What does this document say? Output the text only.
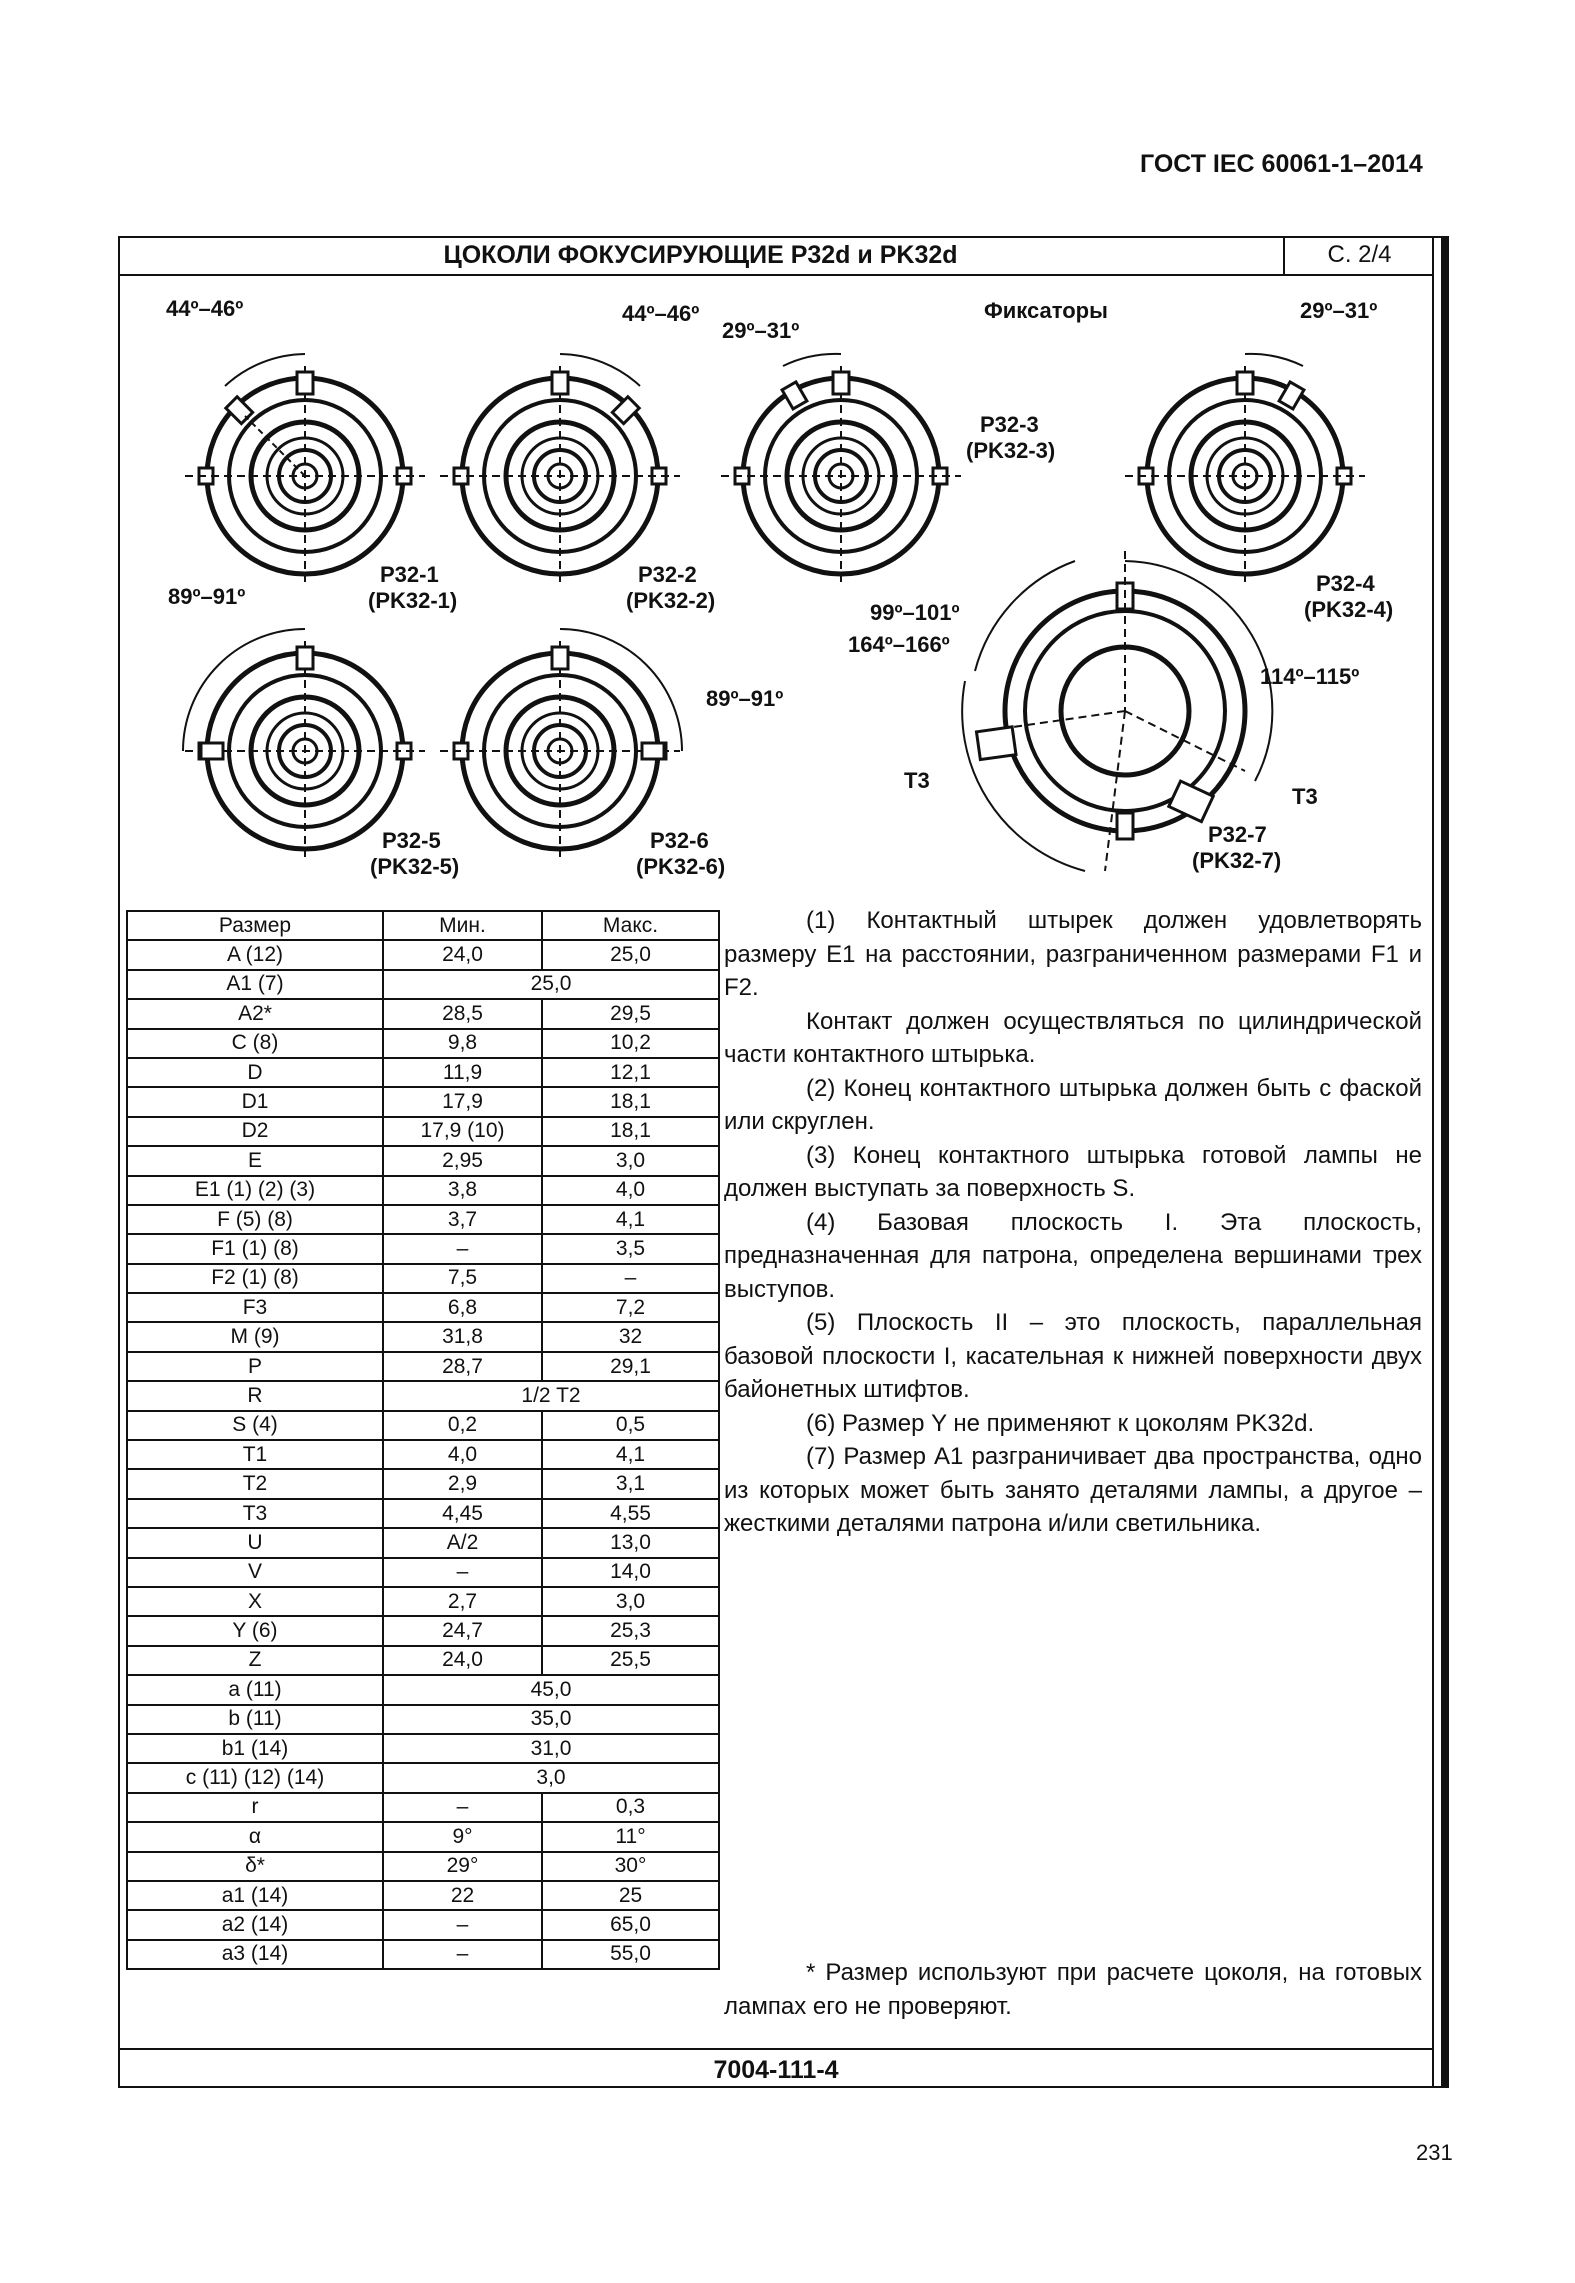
ГОСТ IEC 60061-1–2014
ЦОКОЛИ ФОКУСИРУЮЩИЕ P32d и PK32d	С. 2/4
44º–46º
P32-1
(PK32-1)
44º–46º
P32-2
(PK32-2)
29º–31º
P32-3
(PK32-3)
Фиксаторы	29º–31º
P32-4
(PK32-4)
89º–91º
P32-5
(PK32-5)
89º–91º
P32-6
(PK32-6)
99º–101º
164º–166º
114º–115º
T3
T3
P32-7
(PK32-7)
Размер	Мин.	Макс.
A (12)	24,0	25,0
A1 (7)	25,0	
A2*	28,5	29,5
C (8)	9,8	10,2
D	11,9	12,1
D1	17,9	18,1
D2	17,9 (10)	18,1
E	2,95	3,0
E1 (1) (2) (3)	3,8	4,0
F (5) (8)	3,7	4,1
F1 (1) (8)	–	3,5
F2 (1) (8)	7,5	–
F3	6,8	7,2
M (9)	31,8	32
P	28,7	29,1
R	1/2 T2	
S (4)	0,2	0,5
T1	4,0	4,1
T2	2,9	3,1
T3	4,45	4,55
U	A/2	13,0
V	–	14,0
X	2,7	3,0
Y (6)	24,7	25,3
Z	24,0	25,5
a (11)	45,0	
b (11)	35,0	
b1 (14)	31,0	
c (11) (12) (14)	3,0	
r	–	0,3
α	9°	11°
δ*	29°	30°
a1 (14)	22	25
a2 (14)	–	65,0
a3 (14)	–	55,0

(1) Контактный штырек должен удовлетворять размеру E1 на расстоянии, разграниченном размерами F1 и F2.

Контакт должен осуществляться по цилиндрической части контактного штырька.

(2) Конец контактного штырька должен быть с фаской или скруглен.

(3) Конец контактного штырька готовой лампы не должен выступать за поверхность S.

(4) Базовая плоскость I. Эта плоскость, предназначенная для патрона, определена вершинами трех выступов.

(5) Плоскость II – это плоскость, параллельная базовой плоскости I, касательная к нижней поверхности двух байонетных штифтов.

(6) Размер Y не применяют к цоколям PK32d.

(7) Размер A1 разграничивает два пространства, одно из которых может быть занято деталями лампы, а другое – жесткими деталями патрона и/или светильника.

* Размер используют при расчете цоколя, на готовых лампах его не проверяют.
7004-111-4
231
